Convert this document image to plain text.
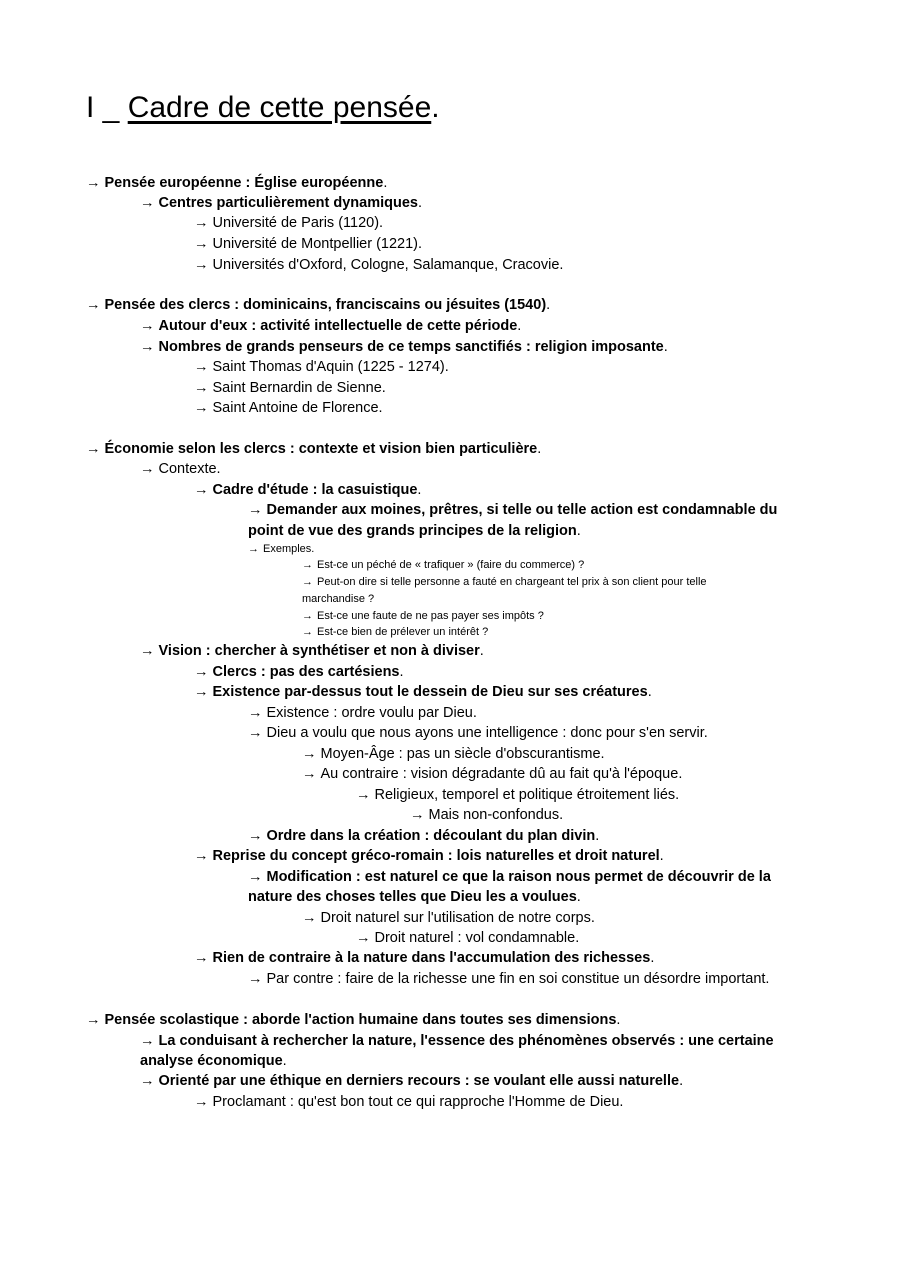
I _ Cadre de cette pensée.
→ Pensée européenne : Église européenne.
→ Centres particulièrement dynamiques.
→ Université de Paris (1120).
→ Université de Montpellier (1221).
→ Universités d'Oxford, Cologne, Salamanque, Cracovie.
→ Pensée des clercs : dominicains, franciscains ou jésuites (1540).
→ Autour d'eux : activité intellectuelle de cette période.
→ Nombres de grands penseurs de ce temps sanctifiés : religion imposante.
→ Saint Thomas d'Aquin (1225 - 1274).
→ Saint Bernardin de Sienne.
→ Saint Antoine de Florence.
→ Économie selon les clercs : contexte et vision bien particulière.
→ Contexte.
→ Cadre d'étude : la casuistique.
→ Demander aux moines, prêtres, si telle ou telle action est condamnable du
point de vue des grands principes de la religion.
→ Exemples.
→ Est-ce un péché de « trafiquer » (faire du commerce) ?
→ Peut-on dire si telle personne a fauté en chargeant tel prix à son client pour telle
marchandise ?
→ Est-ce une faute de ne pas payer ses impôts ?
→ Est-ce bien de prélever un intérêt ?
→ Vision : chercher à synthétiser et non à diviser.
→ Clercs : pas des cartésiens.
→ Existence par-dessus tout le dessein de Dieu sur ses créatures.
→ Existence : ordre voulu par Dieu.
→ Dieu a voulu que nous ayons une intelligence : donc pour s'en servir.
→ Moyen-Âge : pas un siècle d'obscurantisme.
→ Au contraire : vision dégradante dû au fait qu'à l'époque.
→ Religieux, temporel et politique étroitement liés.
→ Mais non-confondus.
→ Ordre dans la création : découlant du plan divin.
→ Reprise du concept gréco-romain : lois naturelles et droit naturel.
→ Modification : est naturel ce que la raison nous permet de découvrir de la
nature des choses telles que Dieu les a voulues.
→ Droit naturel sur l'utilisation de notre corps.
→ Droit naturel : vol condamnable.
→ Rien de contraire à la nature dans l'accumulation des richesses.
→ Par contre : faire de la richesse une fin en soi constitue un désordre important.
→ Pensée scolastique : aborde l'action humaine dans toutes ses dimensions.
→ La conduisant à rechercher la nature, l'essence des phénomènes observés : une certaine
analyse économique.
→ Orienté par une éthique en derniers recours : se voulant elle aussi naturelle.
→ Proclamant : qu'est bon tout ce qui rapproche l'Homme de Dieu.
